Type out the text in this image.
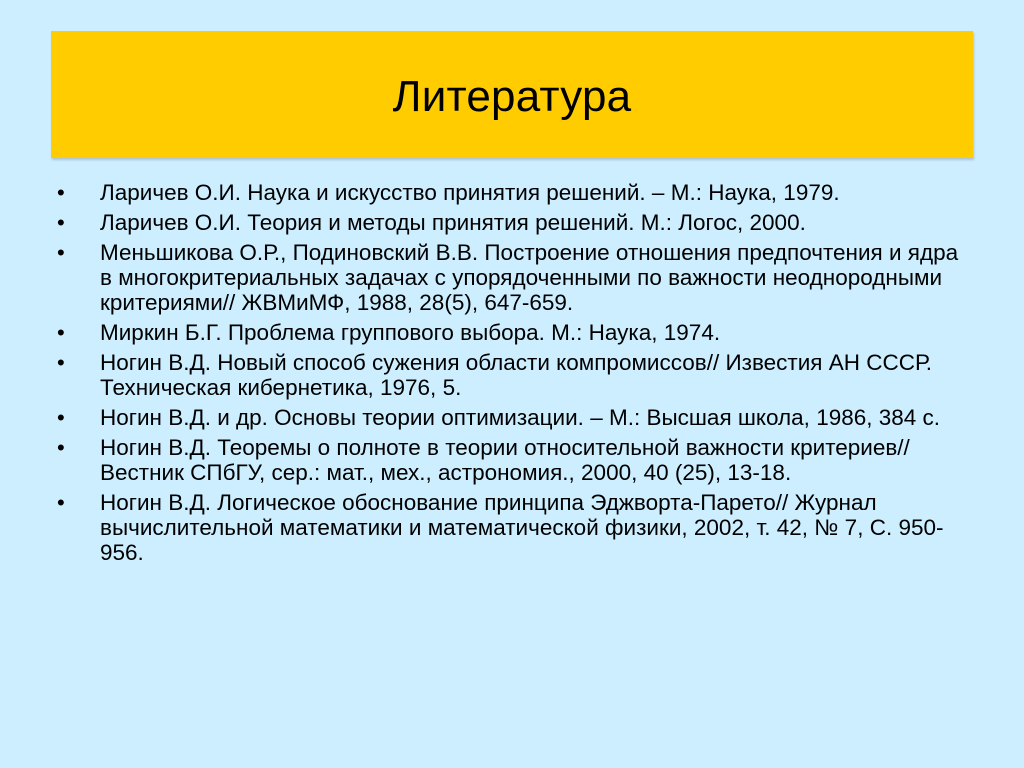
Литература
• Ларичев О.И. Наука и искусство принятия решений. – М.: Наука, 1979.
• Ларичев О.И. Теория и методы принятия решений. М.: Логос, 2000.
• Меньшикова О.Р., Подиновский В.В. Построение отношения предпочтения и ядра в многокритериальных задачах с упорядоченными по важности неоднородными критериями// ЖВМиМФ, 1988, 28(5), 647-659.
• Миркин Б.Г. Проблема группового выбора. М.: Наука, 1974.
• Ногин В.Д. Новый способ сужения области компромиссов// Известия АН СССР. Техническая кибернетика, 1976, 5.
• Ногин В.Д. и др. Основы теории оптимизации. – М.: Высшая школа, 1986, 384 с.
• Ногин В.Д. Теоремы о полноте в теории относительной важности критериев// Вестник СПбГУ, сер.: мат., мех., астрономия., 2000, 40 (25), 13-18.
• Ногин В.Д. Логическое обоснование принципа Эджворта-Парето// Журнал вычислительной математики и математической физики, 2002, т. 42, № 7, С. 950-956.
